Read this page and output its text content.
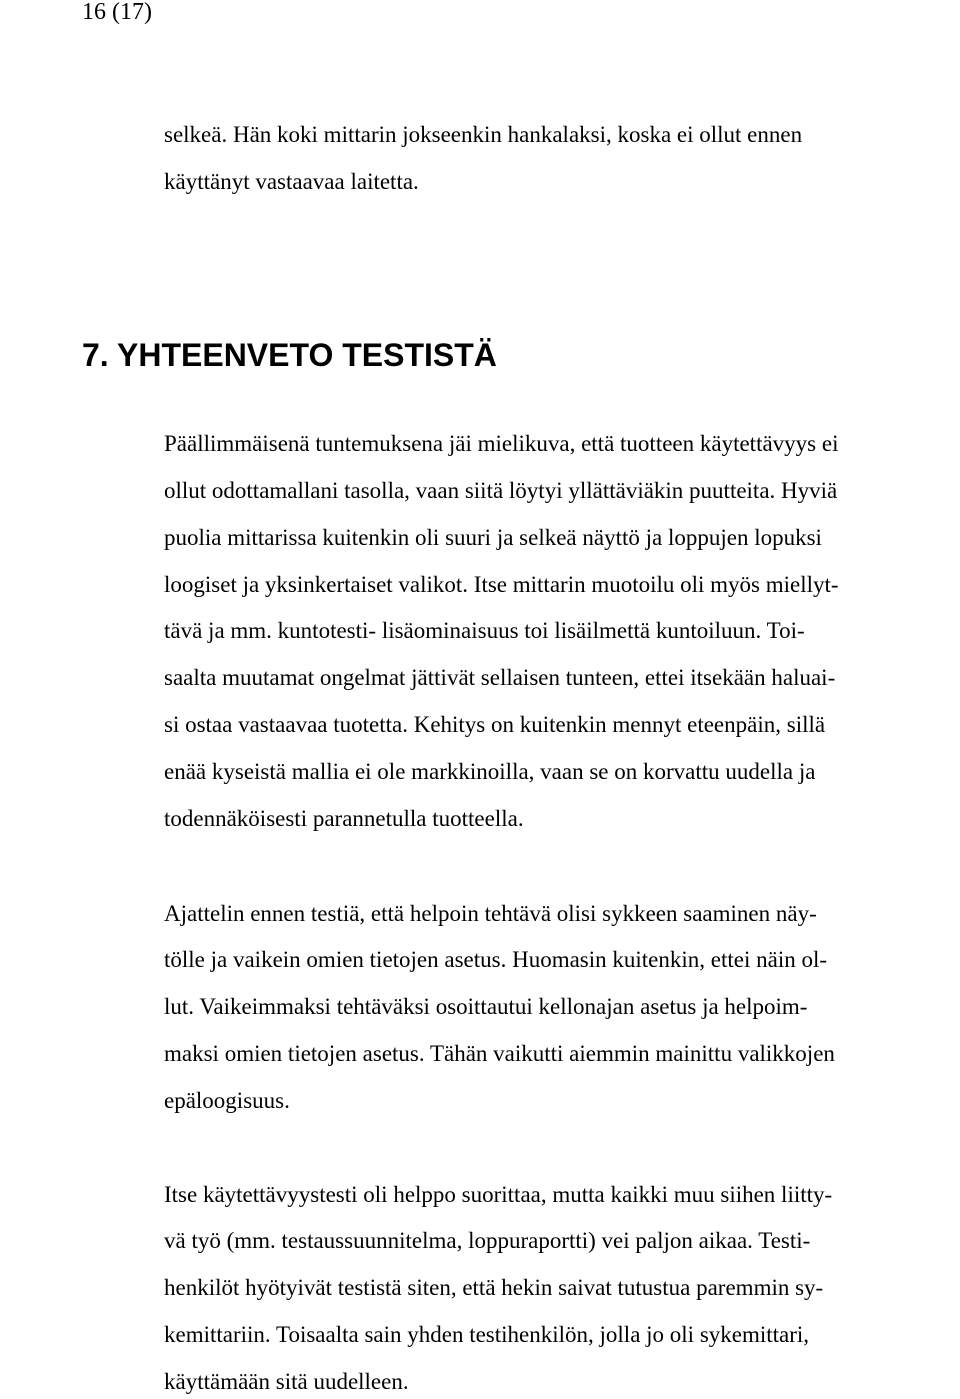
16 (17)
selkeä. Hän koki mittarin jokseenkin hankalaksi, koska ei ollut ennen
käyttänyt vastaavaa laitetta.
7. YHTEENVETO TESTISTÄ
Päällimmäisenä tuntemuksena jäi mielikuva, että tuotteen käytettävyys ei
ollut odottamallani tasolla, vaan siitä löytyi yllättäviäkin puutteita. Hyviä
puolia mittarissa kuitenkin oli suuri ja selkeä näyttö ja loppujen lopuksi
loogiset ja yksinkertaiset valikot. Itse mittarin muotoilu oli myös miellyt-
tävä ja mm. kuntotesti- lisäominaisuus toi lisäilmettä kuntoiluun. Toi-
saalta muutamat ongelmat jättivät sellaisen tunteen, ettei itsekään haluai-
si ostaa vastaavaa tuotetta. Kehitys on kuitenkin mennyt eteenpäin, sillä
enää kyseistä mallia ei ole markkinoilla, vaan se on korvattu uudella ja
todennäköisesti parannetulla tuotteella.
Ajattelin ennen testiä, että helpoin tehtävä olisi sykkeen saaminen näy-
tölle ja vaikein omien tietojen asetus. Huomasin kuitenkin, ettei näin ol-
lut. Vaikeimmaksi tehtäväksi osoittautui kellonajan asetus ja helpoim-
maksi omien tietojen asetus. Tähän vaikutti aiemmin mainittu valikkojen
epäloogisuus.
Itse käytettävyystesti oli helppo suorittaa, mutta kaikki muu siihen liitty-
vä työ (mm. testaussuunnitelma, loppuraportti) vei paljon aikaa. Testi-
henkilöt hyötyivät testistä siten, että hekin saivat tutustua paremmin sy-
kemittariin. Toisaalta sain yhden testihenkilön, jolla jo oli sykemittari,
käyttämään sitä uudelleen.
